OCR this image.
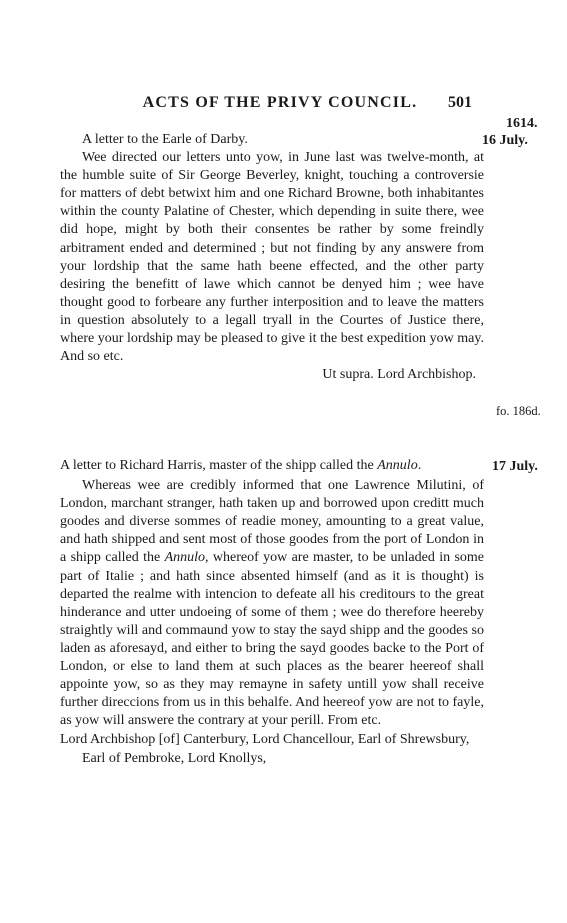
ACTS OF THE PRIVY COUNCIL.	501
1614.
16 July.
fo. 186d.
17 July.

A letter to the Earle of Darby.

Wee directed our letters unto yow, in June last was twelve-month, at the humble suite of Sir George Beverley, knight, touching a controversie for matters of debt betwixt him and one Richard Browne, both inhabitantes within the county Palatine of Chester, which depending in suite there, wee did hope, might by both their consentes be rather by some freindly arbitrament ended and determined ; but not finding by any answere from your lordship that the same hath beene effected, and the other party desiring the benefitt of lawe which cannot be denyed him ; wee have thought good to forbeare any further interposition and to leave the matters in question absolutely to a legall tryall in the Courtes of Justice there, where your lordship may be pleased to give it the best expedition yow may. And so etc.

Ut supra. Lord Archbishop.

A letter to Richard Harris, master of the shipp called the Annulo.

Whereas wee are credibly informed that one Lawrence Milutini, of London, marchant stranger, hath taken up and borrowed upon creditt much goodes and diverse sommes of readie money, amounting to a great value, and hath shipped and sent most of those goodes from the port of London in a shipp called the Annulo, whereof yow are master, to be unladed in some part of Italie ; and hath since absented himself (and as it is thought) is departed the realme with intencion to defeate all his creditours to the great hinderance and utter undoeing of some of them ; wee do therefore heereby straightly will and commaund yow to stay the sayd shipp and the goodes so laden as aforesayd, and either to bring the sayd goodes backe to the Port of London, or else to land them at such places as the bearer heereof shall appointe yow, so as they may remayne in safety untill yow shall receive further direccions from us in this behalfe. And heereof yow are not to fayle, as yow will answere the contrary at your perill. From etc.

Lord Archbishop [of] Canterbury, Lord Chancellour, Earl of Shrewsbury, Earl of Pembroke, Lord Knollys,
